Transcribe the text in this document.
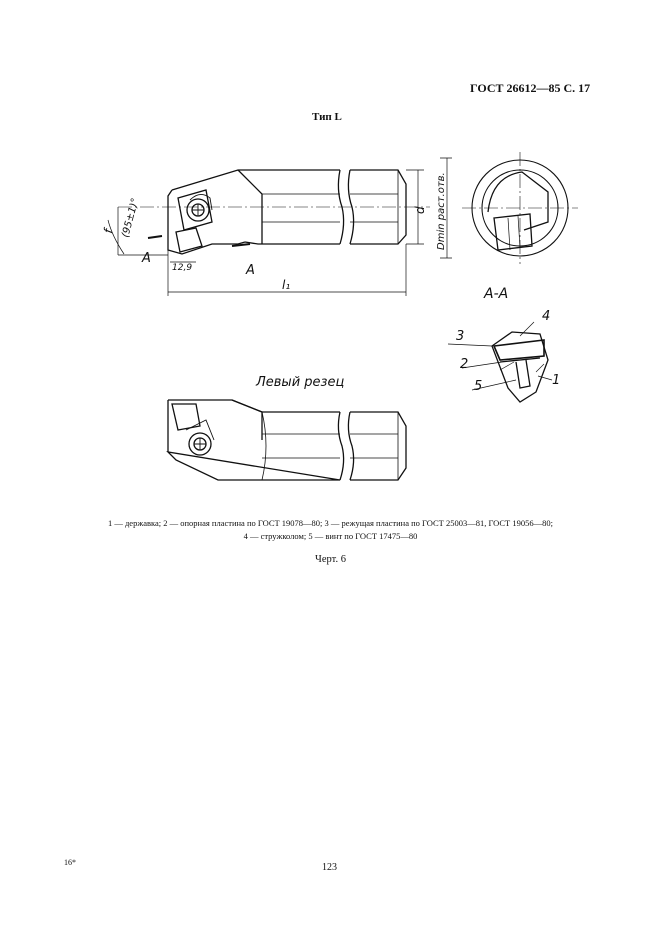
ГОСТ 26612—85 С. 17
Тип L
f (95±1)°
A
12,9	A
l₁
d Dmin раст.отв.
A-A
Левый резец	1
2
3
4
5
1 — державка; 2 — опорная пластина по ГОСТ 19078—80; 3 — режущая пластина по ГОСТ 25003—81, ГОСТ 19056—80;
4 — стружколом; 5 — винт по ГОСТ 17475—80
Черт. 6
16*	123
